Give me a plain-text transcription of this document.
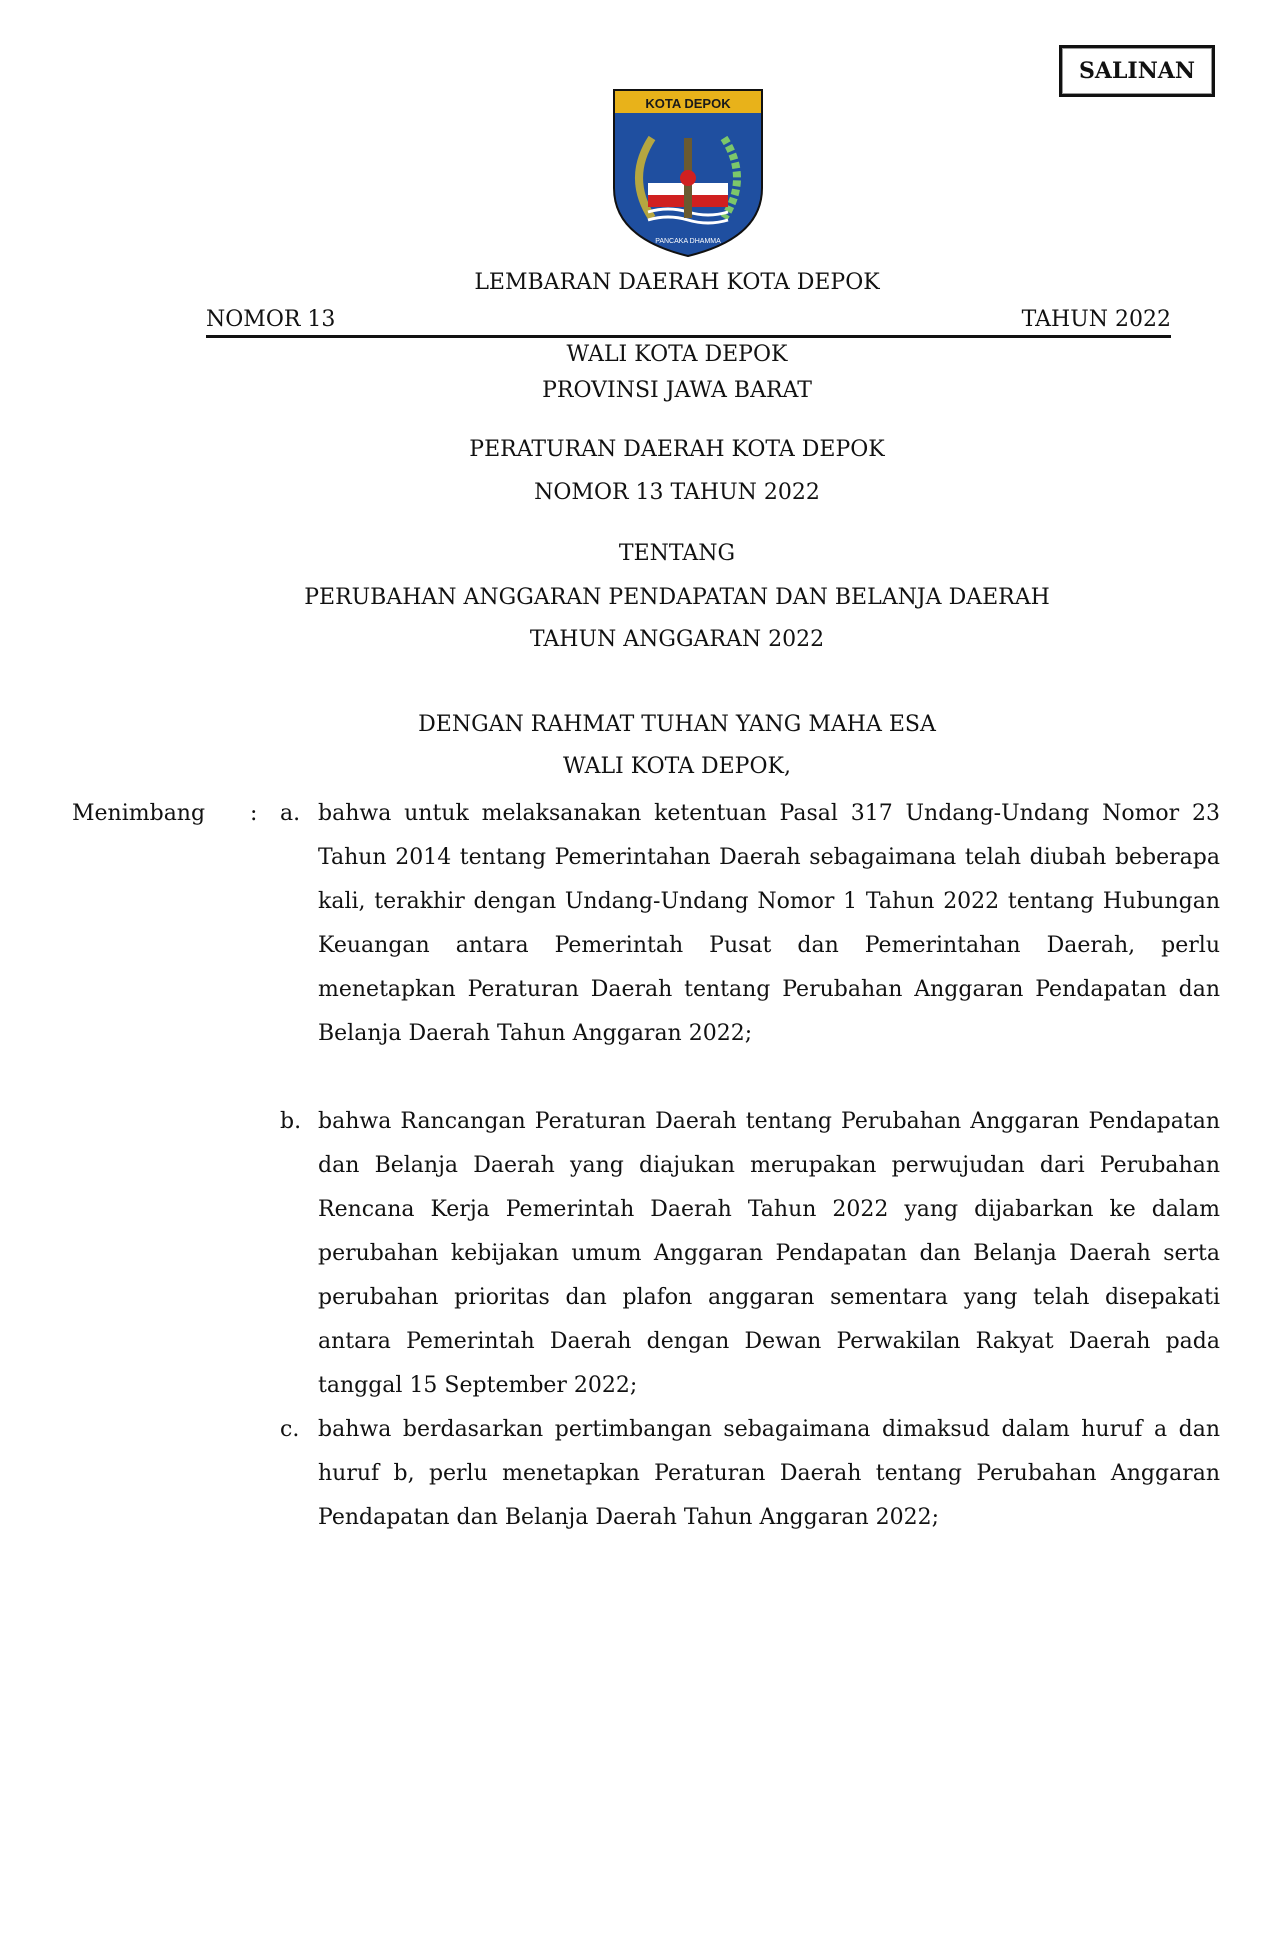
SALINAN
KOTA DEPOK
PANCAKA DHAMMA
LEMBARAN DAERAH KOTA DEPOK
NOMOR 13	TAHUN 2022
WALI KOTA DEPOK
PROVINSI JAWA BARAT
PERATURAN DAERAH KOTA DEPOK
NOMOR 13 TAHUN 2022
TENTANG
PERUBAHAN ANGGARAN PENDAPATAN DAN BELANJA DAERAH
TAHUN ANGGARAN 2022
DENGAN RAHMAT TUHAN YANG MAHA ESA
WALI KOTA DEPOK,
Menimbang : a. bahwa untuk melaksanakan ketentuan Pasal 317 Undang-Undang Nomor 23 Tahun 2014 tentang Pemerintahan Daerah sebagaimana telah diubah beberapa kali, terakhir dengan Undang-Undang Nomor 1 Tahun 2022 tentang Hubungan Keuangan antara Pemerintah Pusat dan Pemerintahan Daerah, perlu menetapkan Peraturan Daerah tentang Perubahan Anggaran Pendapatan dan Belanja Daerah Tahun Anggaran 2022;
b. bahwa Rancangan Peraturan Daerah tentang Perubahan Anggaran Pendapatan dan Belanja Daerah yang diajukan merupakan perwujudan dari Perubahan Rencana Kerja Pemerintah Daerah Tahun 2022 yang dijabarkan ke dalam perubahan kebijakan umum Anggaran Pendapatan dan Belanja Daerah serta perubahan prioritas dan plafon anggaran sementara yang telah disepakati antara Pemerintah Daerah dengan Dewan Perwakilan Rakyat Daerah pada tanggal 15 September 2022;
c. bahwa berdasarkan pertimbangan sebagaimana dimaksud dalam huruf a dan huruf b, perlu menetapkan Peraturan Daerah tentang Perubahan Anggaran Pendapatan dan Belanja Daerah Tahun Anggaran 2022;
